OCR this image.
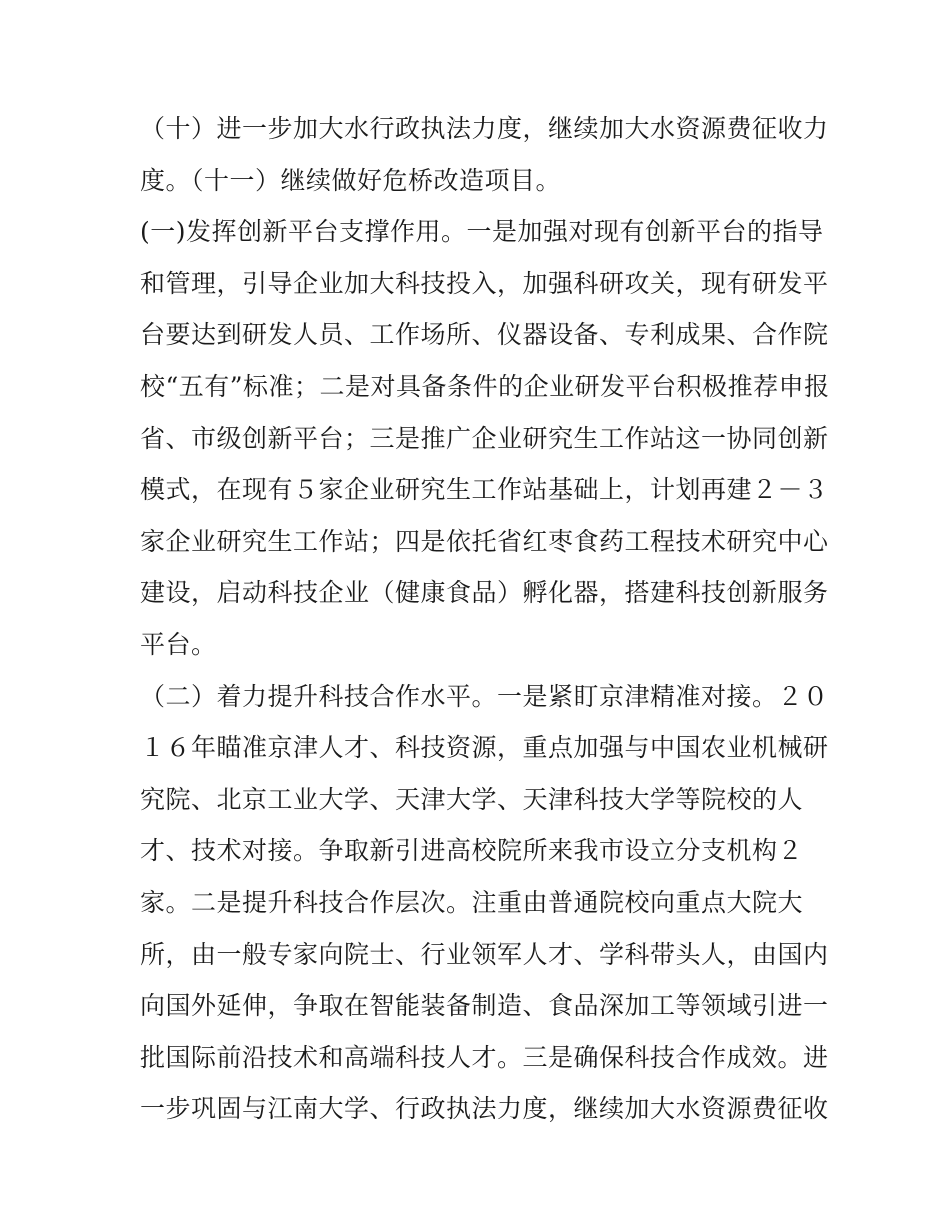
（十）进一步加大水行政执法力度，继续加大水资源费征收力
度。（十一）继续做好危桥改造项目。
(一)发挥创新平台支撑作用。一是加强对现有创新平台的指导
和管理，引导企业加大科技投入，加强科研攻关，现有研发平
台要达到研发人员、工作场所、仪器设备、专利成果、合作院
校“五有”标准；二是对具备条件的企业研发平台积极推荐申报
省、市级创新平台；三是推广企业研究生工作站这一协同创新
模式，在现有５家企业研究生工作站基础上，计划再建２－３
家企业研究生工作站；四是依托省红枣食药工程技术研究中心
建设，启动科技企业（健康食品）孵化器，搭建科技创新服务
平台。
（二）着力提升科技合作水平。一是紧盯京津精准对接。２０
１６年瞄准京津人才、科技资源，重点加强与中国农业机械研
究院、北京工业大学、天津大学、天津科技大学等院校的人
才、技术对接。争取新引进高校院所来我市设立分支机构２
家。二是提升科技合作层次。注重由普通院校向重点大院大
所，由一般专家向院士、行业领军人才、学科带头人，由国内
向国外延伸，争取在智能装备制造、食品深加工等领域引进一
批国际前沿技术和高端科技人才。三是确保科技合作成效。进
一步巩固与江南大学、行政执法力度，继续加大水资源费征收
